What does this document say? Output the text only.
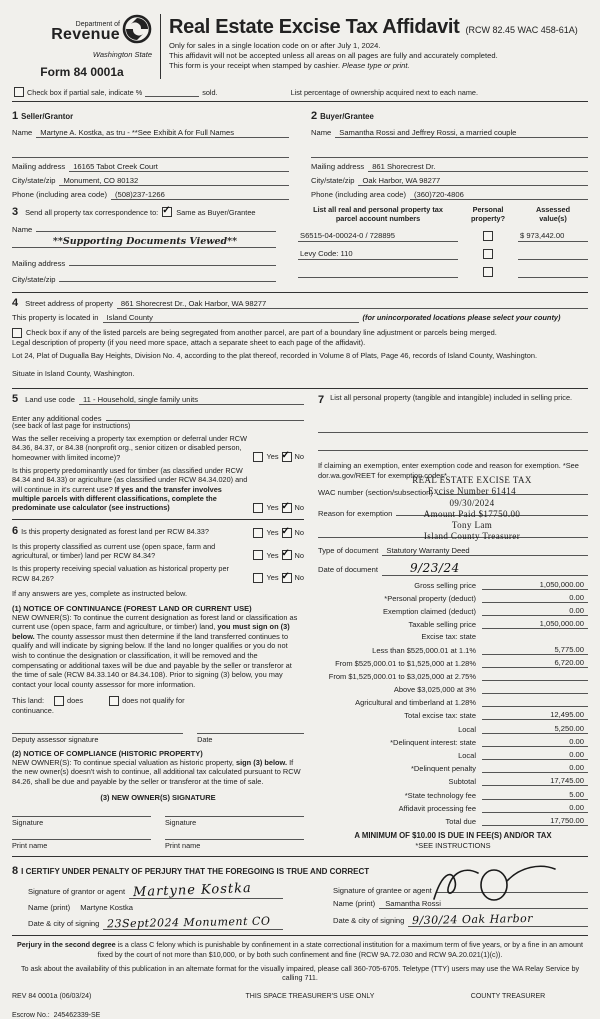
Department of
Revenue
Washington State
Form 84 0001a
Real Estate Excise Tax Affidavit (RCW 82.45 WAC 458-61A)
Only for sales in a single location code on or after July 1, 2024.
This affidavit will not be accepted unless all areas on all pages are fully and accurately completed.
This form is your receipt when stamped by cashier. Please type or print.
Check box if partial sale, indicate %	sold.	List percentage of ownership acquired next to each name.
1 Seller/Grantor
Name	Martyne A. Kostka, as tru - **See Exhibit A for Full Names
Mailing address	16165 Tabot Creek Court
City/state/zip	Monument, CO 80132
Phone (including area code)	(508)237-1266
2 Buyer/Grantee
Name	Samantha Rossi and Jeffrey Rossi, a married couple
Mailing address	861 Shorecrest Dr.
City/state/zip	Oak Harbor, WA 98277
Phone (including area code)	(360)720-4806
3 Send all property tax correspondence to: ✓ Same as Buyer/Grantee
Name
**Supporting Documents Viewed**
Mailing address
City/state/zip
List all real and personal property tax
parcel account numbers
Personal
property?
Assessed
value(s)
S6515-04-00024-0 / 728895	$ 973,442.00
Levy Code: 110
4 Street address of property	861 Shorecrest Dr., Oak Harbor, WA 98277
This property is located in	Island County	(for unincorporated locations please select your county)
Check box if any of the listed parcels are being segregated from another parcel, are part of a boundary line adjustment or parcels being merged.
Legal description of property (if you need more space, attach a separate sheet to each page of the affidavit).
Lot 24, Plat of Dugualla Bay Heights, Division No. 4, according to the plat thereof, recorded in Volume 8 of Plats, Page 46, records of Island County, Washington.
Situate in Island County, Washington.
5 Land use code	11 - Household, single family units
Enter any additional codes
(see back of last page for instructions)
Was the seller receiving a property tax exemption or deferral under RCW 84.36, 84.37, or 84.38 (nonprofit org., senior citizen or disabled person, homeowner with limited income)?	Yes ✓ No
Is this property predominantly used for timber (as classified under RCW 84.34 and 84.33) or agriculture (as classified under RCW 84.34.020) and will continue in it's current use? If yes and the transfer involves multiple parcels with different classifications, complete the predominate use calculator (see instructions)	Yes ✓ No
6 Is this property designated as forest land per RCW 84.33?	Yes ✓ No
Is this property classified as current use (open space, farm and agricultural, or timber) land per RCW 84.34?	Yes ✓ No
Is this property receiving special valuation as historical property per RCW 84.26?	Yes ✓ No
If any answers are yes, complete as instructed below.
(1) NOTICE OF CONTINUANCE (FOREST LAND OR CURRENT USE)
NEW OWNER(S): To continue the current designation as forest land or classification as current use (open space, farm and agriculture, or timber) land, you must sign on (3) below. The county assessor must then determine if the land transferred continues to qualify and will indicate by signing below. If the land no longer qualifies or you do not wish to continue the designation or classification, it will be removed and the compensating or additional taxes will be due and payable by the seller or transferor at the time of sale (RCW 84.33.140 or 84.34.108). Prior to signing (3) below, you may contact your local county assessor for more information.
This land:	does	does not qualify for
continuance.
Deputy assessor signature	Date
(2) NOTICE OF COMPLIANCE (HISTORIC PROPERTY)
NEW OWNER(S): To continue special valuation as historic property, sign (3) below. If the new owner(s) doesn't wish to continue, all additional tax calculated pursuant to RCW 84.26, shall be due and payable by the seller or transferor at the time of sale.
(3) NEW OWNER(S) SIGNATURE
Signature	Signature
Print name	Print name
7 List all personal property (tangible and intangible) included in selling price.
If claiming an exemption, enter exemption code and reason for exemption. *See dor.wa.gov/REET for exemption codes*
WAC number (section/subsection)
Reason for exemption
REAL ESTATE EXCISE TAX
Excise Number 61414
09/30/2024
Amount Paid $17750.00
Tony Lam
Island County Treasurer
Type of document	Statutory Warranty Deed
Date of document	9/23/24
Gross selling price	1,050,000.00
*Personal property (deduct)	0.00
Exemption claimed (deduct)	0.00
Taxable selling price	1,050,000.00
Excise tax: state
Less than $525,000.01 at 1.1%	5,775.00
From $525,000.01 to $1,525,000 at 1.28%	6,720.00
From $1,525,000.01 to $3,025,000 at 2.75%
Above $3,025,000 at 3%
Agricultural and timberland at 1.28%
Total excise tax: state	12,495.00
Local	5,250.00
*Delinquent interest: state	0.00
Local	0.00
*Delinquent penalty	0.00
Subtotal	17,745.00
*State technology fee	5.00
Affidavit processing fee	0.00
Total due	17,750.00
A MINIMUM OF $10.00 IS DUE IN FEE(S) AND/OR TAX
*SEE INSTRUCTIONS
8 I CERTIFY UNDER PENALTY OF PERJURY THAT THE FOREGOING IS TRUE AND CORRECT
Signature of grantor or agent Martyne Kostka
Name (print)	Martyne Kostka
Date & city of signing 23Sept2024 Monument CO
Signature of grantee or agent
Name (print)	Samantha Rossi
Date & city of signing 9/30/24 Oak Harbor
Perjury in the second degree is a class C felony which is punishable by confinement in a state correctional institution for a maximum term of five years, or by a fine in an amount fixed by the court of not more than $10,000, or by both such confinement and fine (RCW 9A.72.030 and RCW 9A.20.021(1)(c)).
To ask about the availability of this publication in an alternate format for the visually impaired, please call 360-705-6705. Teletype (TTY) users may use the WA Relay Service by calling 711.
REV 84 0001a (06/03/24)	THIS SPACE TREASURER'S USE ONLY	COUNTY TREASURER
Escrow No.: 245462339-SE
